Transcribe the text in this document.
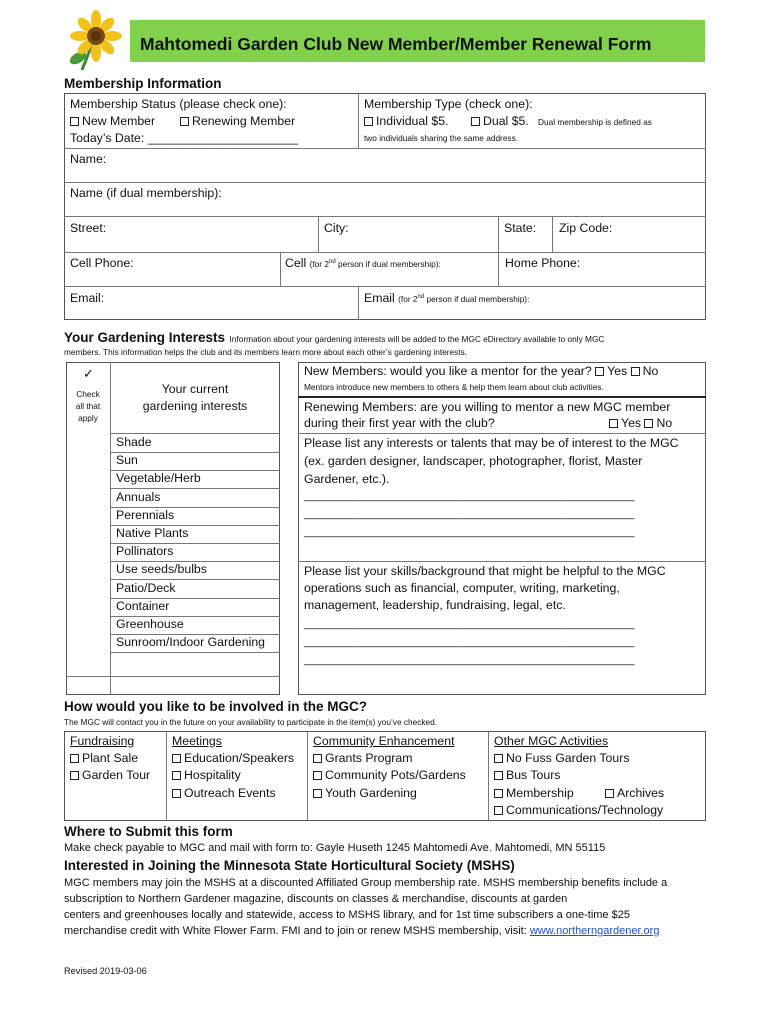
Mahtomedi Garden Club New Member/Member Renewal Form
Membership Information
Membership Status (please check one):
New Member	Renewing Member
Today’s Date: ______________________
Membership Type (check one):
Individual $5.	Dual $5. Dual membership is defined as
two individuals sharing the same address.
Name:
Name (if dual membership):
Street:	City:	State: Zip Code:
Cell Phone:	Cell (for 2nd person if dual membership):	Home Phone:
Email:	Email (for 2nd person if dual membership):
Your Gardening Interests Information about your gardening interests will be added to the MGC eDirectory available to only MGC
members. This information helps the club and its members learn more about each other’s gardening interests.
✓
Check
all that
apply
Your current
gardening interests
Shade
Sun
Vegetable/Herb
Annuals
Perennials
Native Plants
Pollinators
Use seeds/bulbs
Patio/Deck
Container
Greenhouse
Sunroom/Indoor Gardening
New Members: would you like a mentor for the year? Yes No
Mentors introduce new members to others & help them learn about club activities.
Renewing Members: are you willing to mentor a new MGC member
during their first year with the club?	Yes No
Please list any interests or talents that may be of interest to the MGC
(ex. garden designer, landscaper, photographer, florist, Master
Gardener, etc.).
______________________________________________________
______________________________________________________
______________________________________________________
Please list your skills/background that might be helpful to the MGC
operations such as financial, computer, writing, marketing,
management, leadership, fundraising, legal, etc.
______________________________________________________
______________________________________________________
______________________________________________________
How would you like to be involved in the MGC?
The MGC will contact you in the future on your availability to participate in the item(s) you’ve checked.
Fundraising
Plant Sale
Garden Tour
Meetings
Education/Speakers
Hospitality
Outreach Events
Community Enhancement
Grants Program
Community Pots/Gardens
Youth Gardening
Other MGC Activities
No Fuss Garden Tours
Bus Tours
Membership	Archives
Communications/Technology
Where to Submit this form
Make check payable to MGC and mail with form to: Gayle Huseth 1245 Mahtomedi Ave. Mahtomedi, MN 55115
Interested in Joining the Minnesota State Horticultural Society (MSHS)
MGC members may join the MSHS at a discounted Affiliated Group membership rate. MSHS membership benefits include a
subscription to Northern Gardener magazine, discounts on classes & merchandise, discounts at garden
centers and greenhouses locally and statewide, access to MSHS library, and for 1st time subscribers a one-time $25
merchandise credit with White Flower Farm. FMI and to join or renew MSHS membership, visit: www.northerngardener.org
Revised 2019-03-06
